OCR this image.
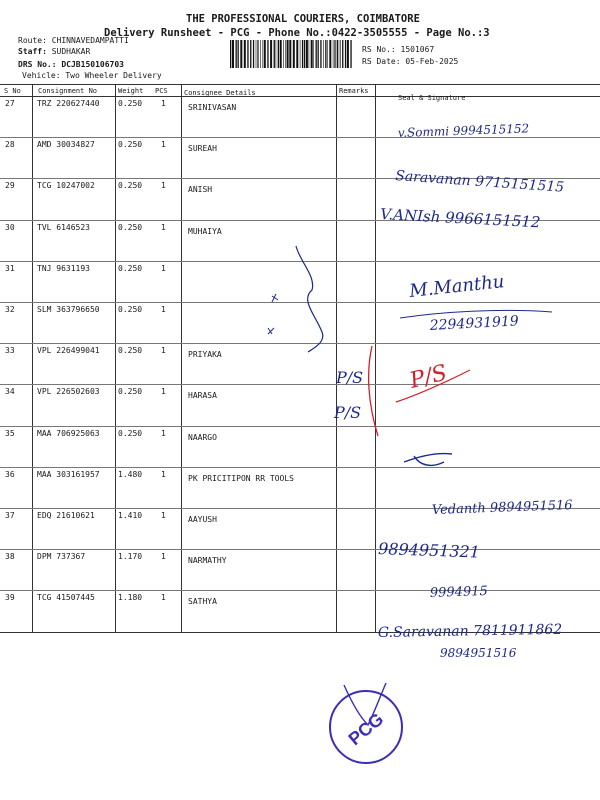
THE PROFESSIONAL COURIERS, COIMBATORE
Delivery Runsheet - PCG - Phone No.:0422-3505555 - Page No.:3
Route: CHINNAVEDAMPATTI
Staff: SUDHAKAR
DRS No.: DCJB150106703
Vehicle: Two Wheeler Delivery
RS No.: 1501067
RS Date: 05-Feb-2025
S No Consignment No	Weight PCS Consignee Details	Remarks
Seal & Signature
27	TRZ 220627440 0.250 1	SRINIVASAN
28	AMD 30034827	0.250 1	SUREAH
29	TCG 10247002	0.250 1	ANISH
30	TVL 6146523	0.250 1	MUHAIYA
31	TNJ 9631193	0.250 1
32	SLM 363796650 0.250 1
33	VPL 226499041 0.250 1	PRIYAKA
34	VPL 226502603 0.250 1	HARASA
35	MAA 706925063 0.250 1	NAARGO
36	MAA 303161957 1.480 1	PK PRICITIPON RR TOOLS
37	EDQ 21610621	1.410 1	AAYUSH
38	DPM 737367	1.170 1	NARMATHY
39	TCG 41507445	1.180 1	SATHYA
v.Sommi 9994515152
Saravanan 9715151515
V.ANIsh 9966151512
M.Manthu
2294931919
P/S
P/S
P/S
Vedanth 9894951516
9894951321
9994915
G.Saravanan 7811911862
9894951516
PCG
